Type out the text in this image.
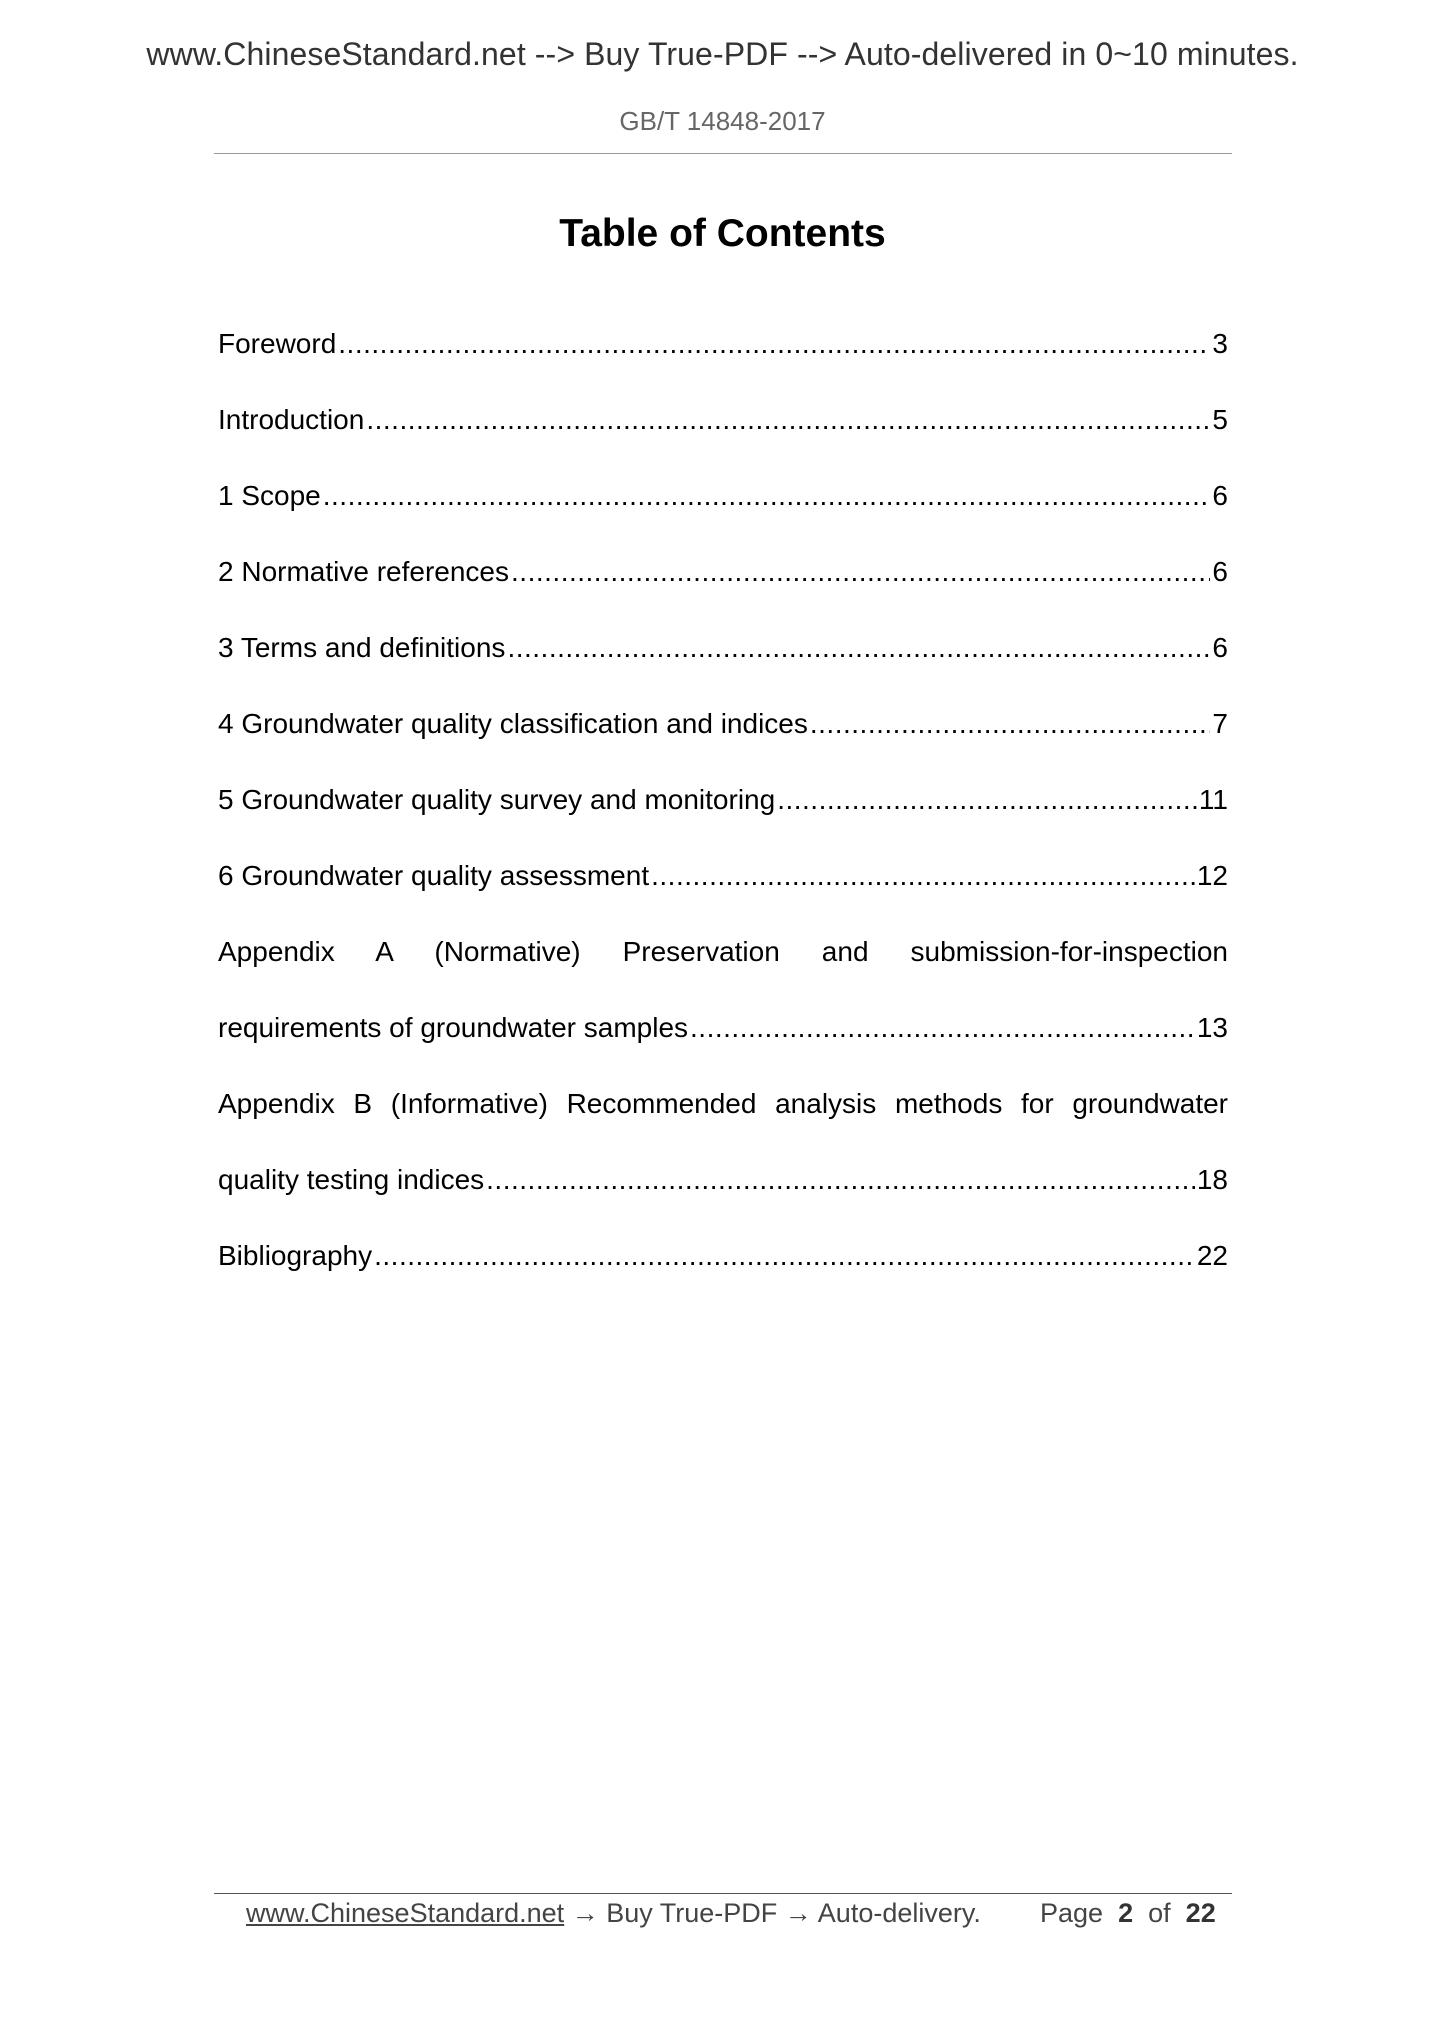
www.ChineseStandard.net --> Buy True-PDF --> Auto-delivered in 0~10 minutes.
GB/T 14848-2017
Table of Contents
Foreword .....	3
Introduction .....	5
1 Scope .....	6
2 Normative references .....	6
3 Terms and definitions .....	6
4 Groundwater quality classification and indices .....	7
5 Groundwater quality survey and monitoring .....	11
6 Groundwater quality assessment .....	12
Appendix A (Normative) Preservation and submission-for-inspection
requirements of groundwater samples .....	13
Appendix B (Informative) Recommended analysis methods for groundwater
quality testing indices .....	18
Bibliography .....	22
www.ChineseStandard.net → Buy True-PDF → Auto-delivery. Page 2 of 22
